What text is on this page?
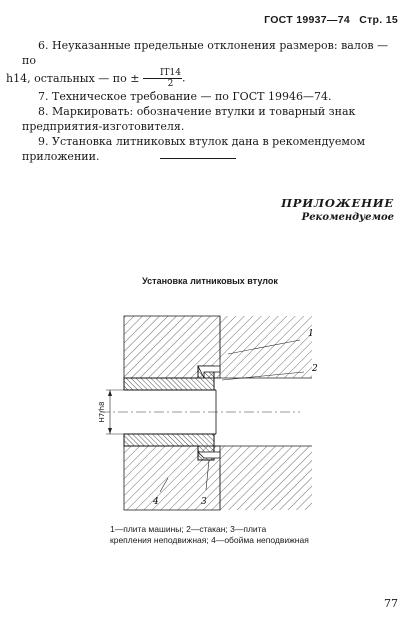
ГОСТ 19937—74 Стр. 15

6. Неуказанные предельные отклонения размеров: валов — по
h14, остальных — по ± $\frac{IT14}{2}$ .

7. Техническое требование — по ГОСТ 19946—74.

8. Маркировать: обозначение втулки и товарный знак предприятия-изготовителя.

9. Установка литниковых втулок дана в рекомендуемом приложении.

ПРИЛОЖЕНИЕ
Рекомендуемое
Установка литниковых втулок
H7/h8
1
2
3
4
1—плита машины; 2—стакан; 3—плита крепления неподвижная; 4—обойма неподвижная
77
